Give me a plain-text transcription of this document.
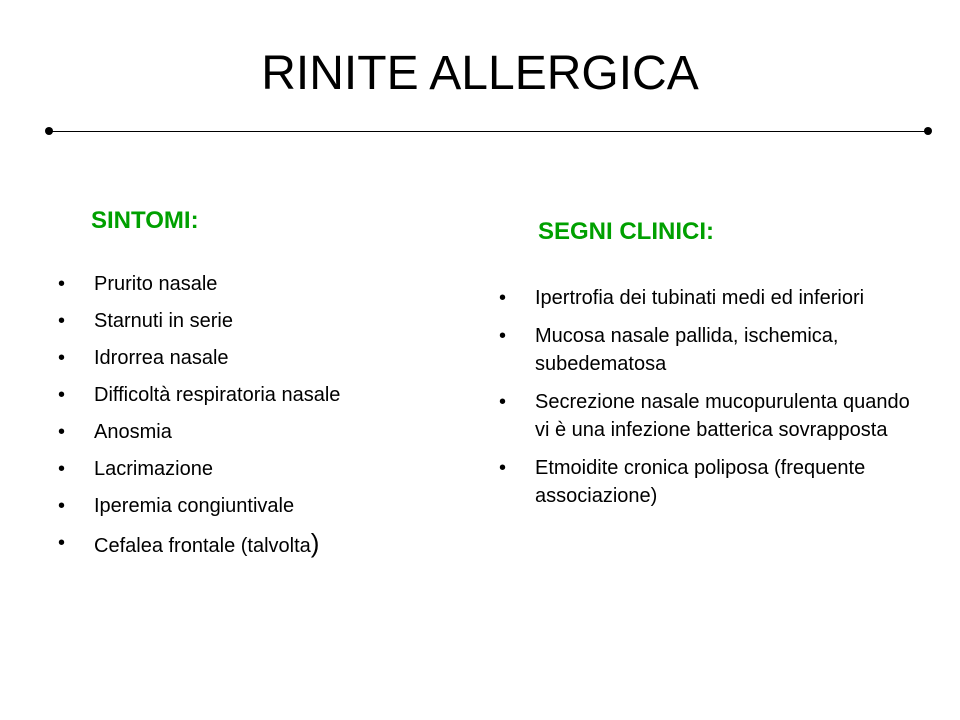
RINITE ALLERGICA
SINTOMI:	SEGNI CLINICI:
• Prurito nasale
• Starnuti in serie
• Idrorrea nasale
• Difficoltà respiratoria nasale
• Anosmia
• Lacrimazione
• Iperemia congiuntivale
• Cefalea frontale (talvolta)
• Ipertrofia dei tubinati medi ed inferiori
• Mucosa nasale pallida, ischemica, subedematosa
• Secrezione nasale mucopurulenta quando vi è una infezione batterica sovrapposta
• Etmoidite cronica poliposa (frequente associazione)
